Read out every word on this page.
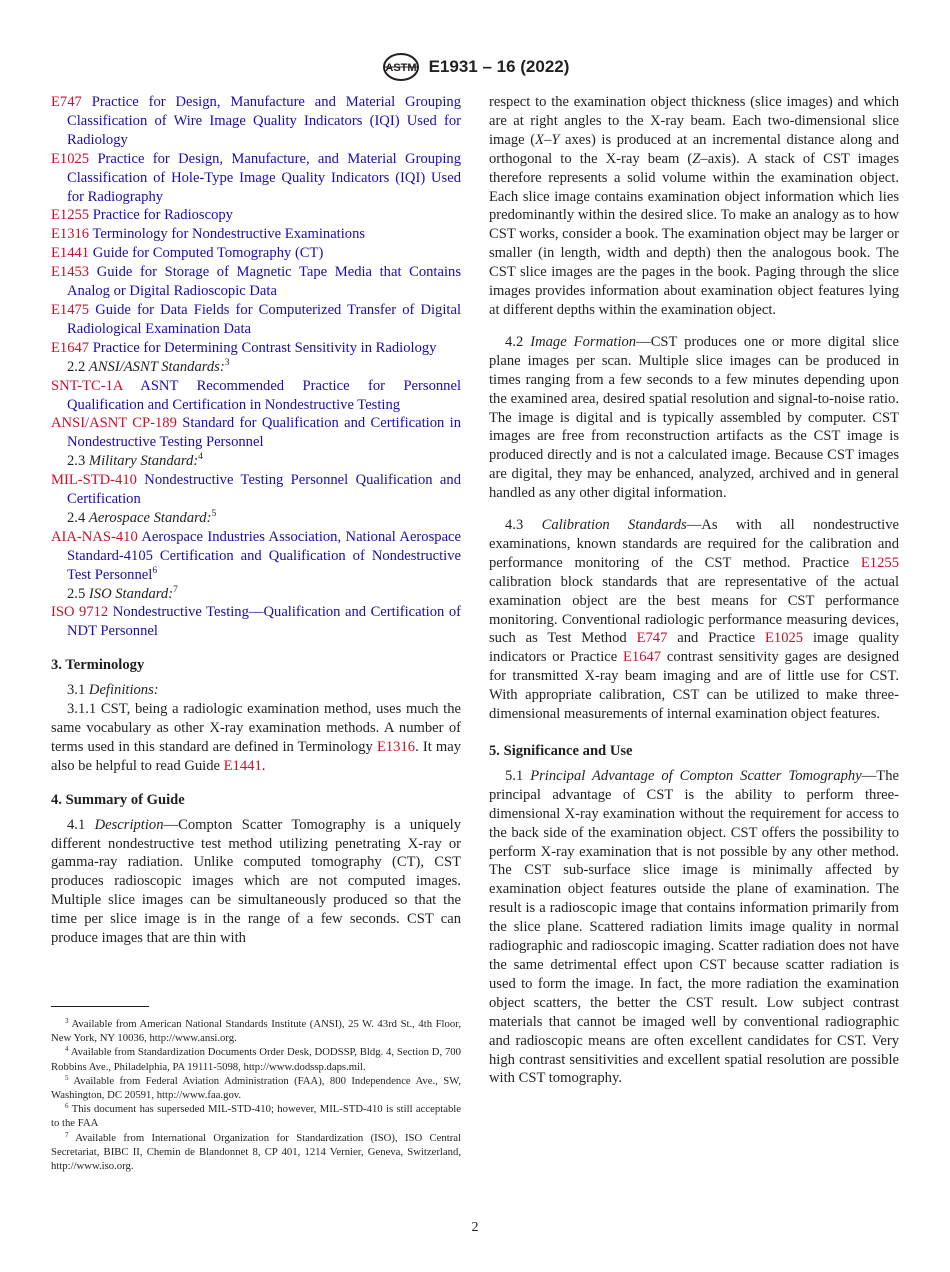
ASTM E1931 – 16 (2022)
E747 Practice for Design, Manufacture and Material Grouping Classification of Wire Image Quality Indicators (IQI) Used for Radiology
E1025 Practice for Design, Manufacture, and Material Grouping Classification of Hole-Type Image Quality Indicators (IQI) Used for Radiography
E1255 Practice for Radioscopy
E1316 Terminology for Nondestructive Examinations
E1441 Guide for Computed Tomography (CT)
E1453 Guide for Storage of Magnetic Tape Media that Contains Analog or Digital Radioscopic Data
E1475 Guide for Data Fields for Computerized Transfer of Digital Radiological Examination Data
E1647 Practice for Determining Contrast Sensitivity in Radiology
2.2 ANSI/ASNT Standards:$^3$
SNT-TC-1A ASNT Recommended Practice for Personnel Qualification and Certification in Nondestructive Testing
ANSI/ASNT CP-189 Standard for Qualification and Certification in Nondestructive Testing Personnel
2.3 Military Standard:$^4$
MIL-STD-410 Nondestructive Testing Personnel Qualification and Certification
2.4 Aerospace Standard:$^5$
AIA-NAS-410 Aerospace Industries Association, National Aerospace Standard-4105 Certification and Qualification of Nondestructive Test Personnel$^6$
2.5 ISO Standard:$^7$
ISO 9712 Nondestructive Testing—Qualification and Certification of NDT Personnel
3. Terminology
3.1 Definitions:
3.1.1 CST, being a radiologic examination method, uses much the same vocabulary as other X-ray examination methods. A number of terms used in this standard are defined in Terminology E1316. It may also be helpful to read Guide E1441.
4. Summary of Guide
4.1 Description—Compton Scatter Tomography is a uniquely different nondestructive test method utilizing penetrating X-ray or gamma-ray radiation. Unlike computed tomography (CT), CST produces radioscopic images which are not computed images. Multiple slice images can be simultaneously produced so that the time per slice image is in the range of a few seconds. CST can produce images that are thin with
$^3$ Available from American National Standards Institute (ANSI), 25 W. 43rd St., 4th Floor, New York, NY 10036, http://www.ansi.org.
$^4$ Available from Standardization Documents Order Desk, DODSSP, Bldg. 4, Section D, 700 Robbins Ave., Philadelphia, PA 19111-5098, http://www.dodssp.daps.mil.
$^5$ Available from Federal Aviation Administration (FAA), 800 Independence Ave., SW, Washington, DC 20591, http://www.faa.gov.
$^6$ This document has superseded MIL-STD-410; however, MIL-STD-410 is still acceptable to the FAA
$^7$ Available from International Organization for Standardization (ISO), ISO Central Secretariat, BIBC II, Chemin de Blandonnet 8, CP 401, 1214 Vernier, Geneva, Switzerland, http://www.iso.org.
respect to the examination object thickness (slice images) and which are at right angles to the X-ray beam. Each two-dimensional slice image (X–Y axes) is produced at an incremental distance along and orthogonal to the X-ray beam (Z–axis). A stack of CST images therefore represents a solid volume within the examination object. Each slice image contains examination object information which lies predominantly within the desired slice. To make an analogy as to how CST works, consider a book. The examination object may be larger or smaller (in length, width and depth) then the analogous book. The CST slice images are the pages in the book. Paging through the slice images provides information about examination object features lying at different depths within the examination object.
4.2 Image Formation—CST produces one or more digital slice plane images per scan. Multiple slice images can be produced in times ranging from a few seconds to a few minutes depending upon the examined area, desired spatial resolution and signal-to-noise ratio. The image is digital and is typically assembled by computer. CST images are free from reconstruction artifacts as the CST image is produced directly and is not a calculated image. Because CST images are digital, they may be enhanced, analyzed, archived and in general handled as any other digital information.
4.3 Calibration Standards—As with all nondestructive examinations, known standards are required for the calibration and performance monitoring of the CST method. Practice E1255 calibration block standards that are representative of the actual examination object are the best means for CST performance monitoring. Conventional radiologic performance measuring devices, such as Test Method E747 and Practice E1025 image quality indicators or Practice E1647 contrast sensitivity gages are designed for transmitted X-ray beam imaging and are of little use for CST. With appropriate calibration, CST can be utilized to make three-dimensional measurements of internal examination object features.
5. Significance and Use
5.1 Principal Advantage of Compton Scatter Tomography—The principal advantage of CST is the ability to perform three-dimensional X-ray examination without the requirement for access to the back side of the examination object. CST offers the possibility to perform X-ray examination that is not possible by any other method. The CST sub-surface slice image is minimally affected by examination object features outside the plane of examination. The result is a radioscopic image that contains information primarily from the slice plane. Scattered radiation limits image quality in normal radiographic and radioscopic imaging. Scatter radiation does not have the same detrimental effect upon CST because scatter radiation is used to form the image. In fact, the more radiation the examination object scatters, the better the CST result. Low subject contrast materials that cannot be imaged well by conventional radiographic and radioscopic means are often excellent candidates for CST. Very high contrast sensitivities and excellent spatial resolution are possible with CST tomography.
2
